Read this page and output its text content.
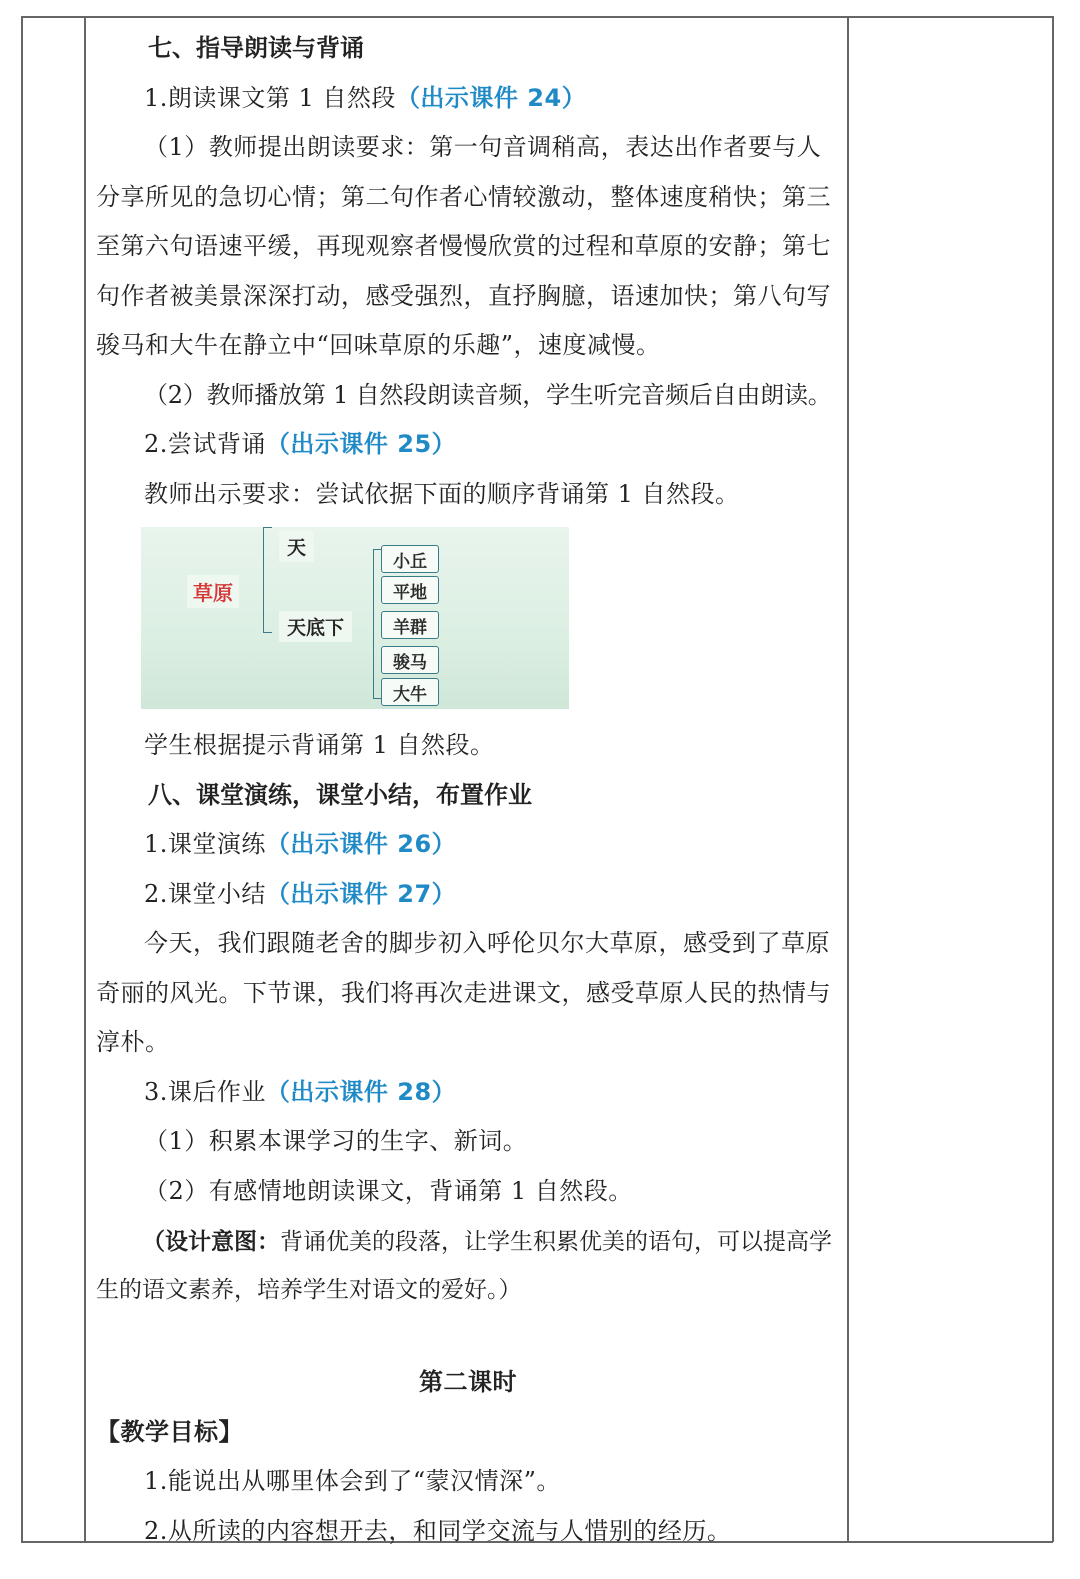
七、指导朗读与背诵

1.朗读课文第 1 自然段（出示课件 24）

（1）教师提出朗读要求：第一句音调稍高，表达出作者要与人分享所见的急切心情；第二句作者心情较激动，整体速度稍快；第三至第六句语速平缓，再现观察者慢慢欣赏的过程和草原的安静；第七句作者被美景深深打动，感受强烈，直抒胸臆，语速加快；第八句写骏马和大牛在静立中“回味草原的乐趣”，速度减慢。

（2）教师播放第 1 自然段朗读音频，学生听完音频后自由朗读。

2.尝试背诵（出示课件 25）

教师出示要求：尝试依据下面的顺序背诵第 1 自然段。

草原
天
天底下
小丘
平地
羊群
骏马
大牛

学生根据提示背诵第 1 自然段。

八、课堂演练，课堂小结，布置作业

1.课堂演练（出示课件 26）

2.课堂小结（出示课件 27）

今天，我们跟随老舍的脚步初入呼伦贝尔大草原，感受到了草原奇丽的风光。下节课，我们将再次走进课文，感受草原人民的热情与淳朴。

3.课后作业（出示课件 28）

（1）积累本课学习的生字、新词。

（2）有感情地朗读课文，背诵第 1 自然段。

（设计意图：背诵优美的段落，让学生积累优美的语句，可以提高学生的语文素养，培养学生对语文的爱好。）

第二课时

【教学目标】

1.能说出从哪里体会到了“蒙汉情深”。

2.从所读的内容想开去，和同学交流与人惜别的经历。
